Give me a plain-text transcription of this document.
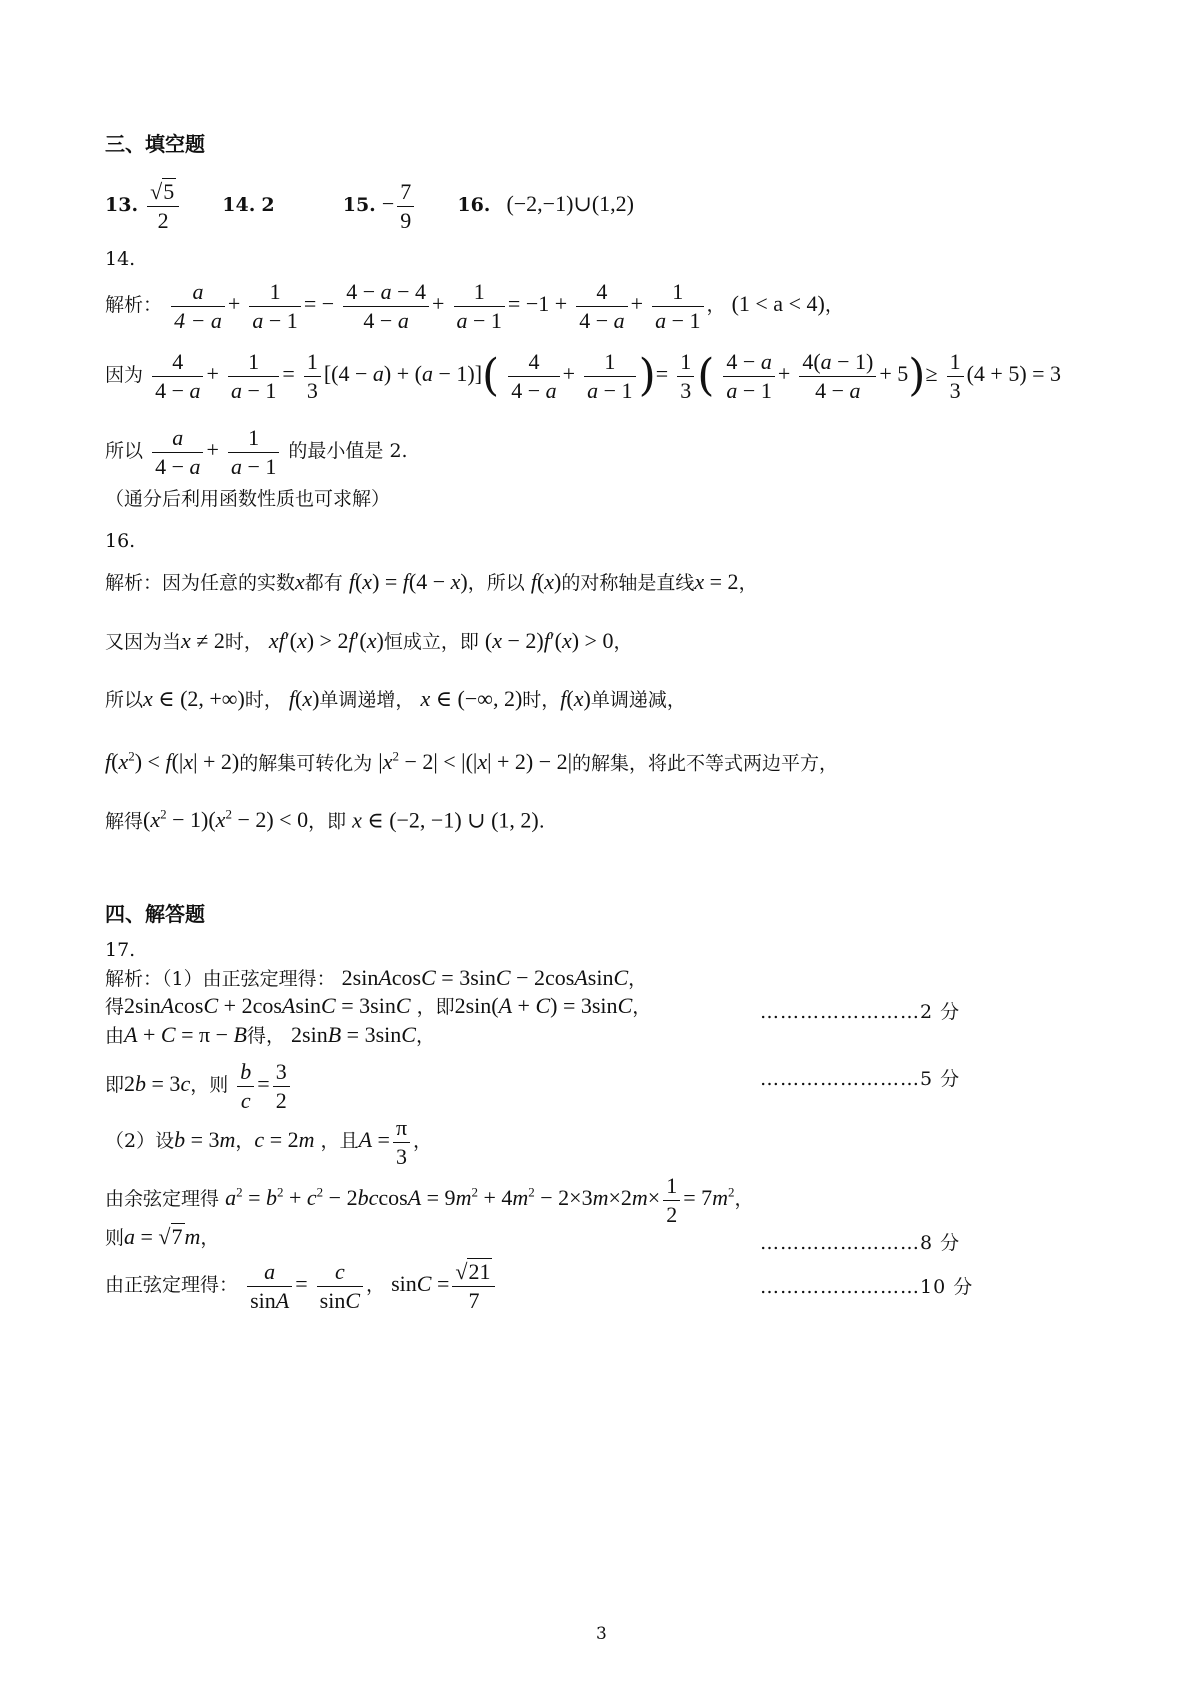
三、填空题
13. $\frac{√5}{2} 14$. 2	15. − $\frac{7}{9} 16$. (−2,−1)∪(1,2)
14.
解析： $\frac{a}{4 - a} + \frac{1}{a - 1}$ = − $\frac{4 - a - 4}{4 - a} + \frac{1}{a - 1} = -1 + \frac{4}{4 - a} + \frac{1}{a - 1}$ ， (1 < a < 4)，
因为 $\frac{4}{4 - a} + \frac{1}{a - 1} = \frac{1}{3} [(4 - a) + (a - 1)]( \frac{4}{4 - a} + \frac{1}{a - 1}$ )= $\frac{1}{3}$ ( $\frac{4 - a}{a - 1} + \frac{4(a - 1)}{4 - a} + 5)\ge \frac{1}{3} (4 + 5) = 3$
所以 $\frac{a}{4 - a} + \frac{1}{a - 1}$ 的最小值是 2.
（通分后利用函数性质也可求解）
16.
解析：因为任意的实数x都有 f(x) = f(4 − x)，所以 f(x)的对称轴是直线x = 2，
又因为当x ≠ 2时， xf′(x) > 2f′(x)恒成立，即 (x − 2)f′(x) > 0，
所以x ∈ (2, +∞)时， f(x)单调递增， x ∈ (−∞, 2)时，f(x)单调递减，
$f(x^2) < f(|x| + 2)$的解集可转化为 $|x^2 - 2| < |(|x| + 2) - 2|$的解集，将此不等式两边平方，
解得$(x^2 - 1)(x^2 - 2) < 0$，即 x ∈ (−2, −1) ∪ (1, 2).
四、解答题
17.
解析：（1）由正弦定理得： 2sinAcosC = 3sinC − 2cosAsinC，
得2sinAcosC + 2cosAsinC = 3sinC ，即2sin(A + C) = 3sinC，	……………………2 分
由A + C = π − B得， 2sinB = 3sinC，
即2b = 3c，则 $\frac{b}{c} = \frac{3}{2}$	……………………5 分
（2）设b = 3m，c = 2m ，且$A = \frac{\pi}{3}$ ，
由余弦定理得 $a^2 = b^2 + c^2 - 2bccosA = 9m^2 + 4m^2 - 2\times 3m\times 2m\times \frac{1}{2} = 7m^2$，
则a = √7m，	……………………8 分
由正弦定理得： $\frac{a}{\sin A} = \frac{c}{\sin C}$ ， $\sin C = \frac{√21}{7}$	……………………10 分
3
